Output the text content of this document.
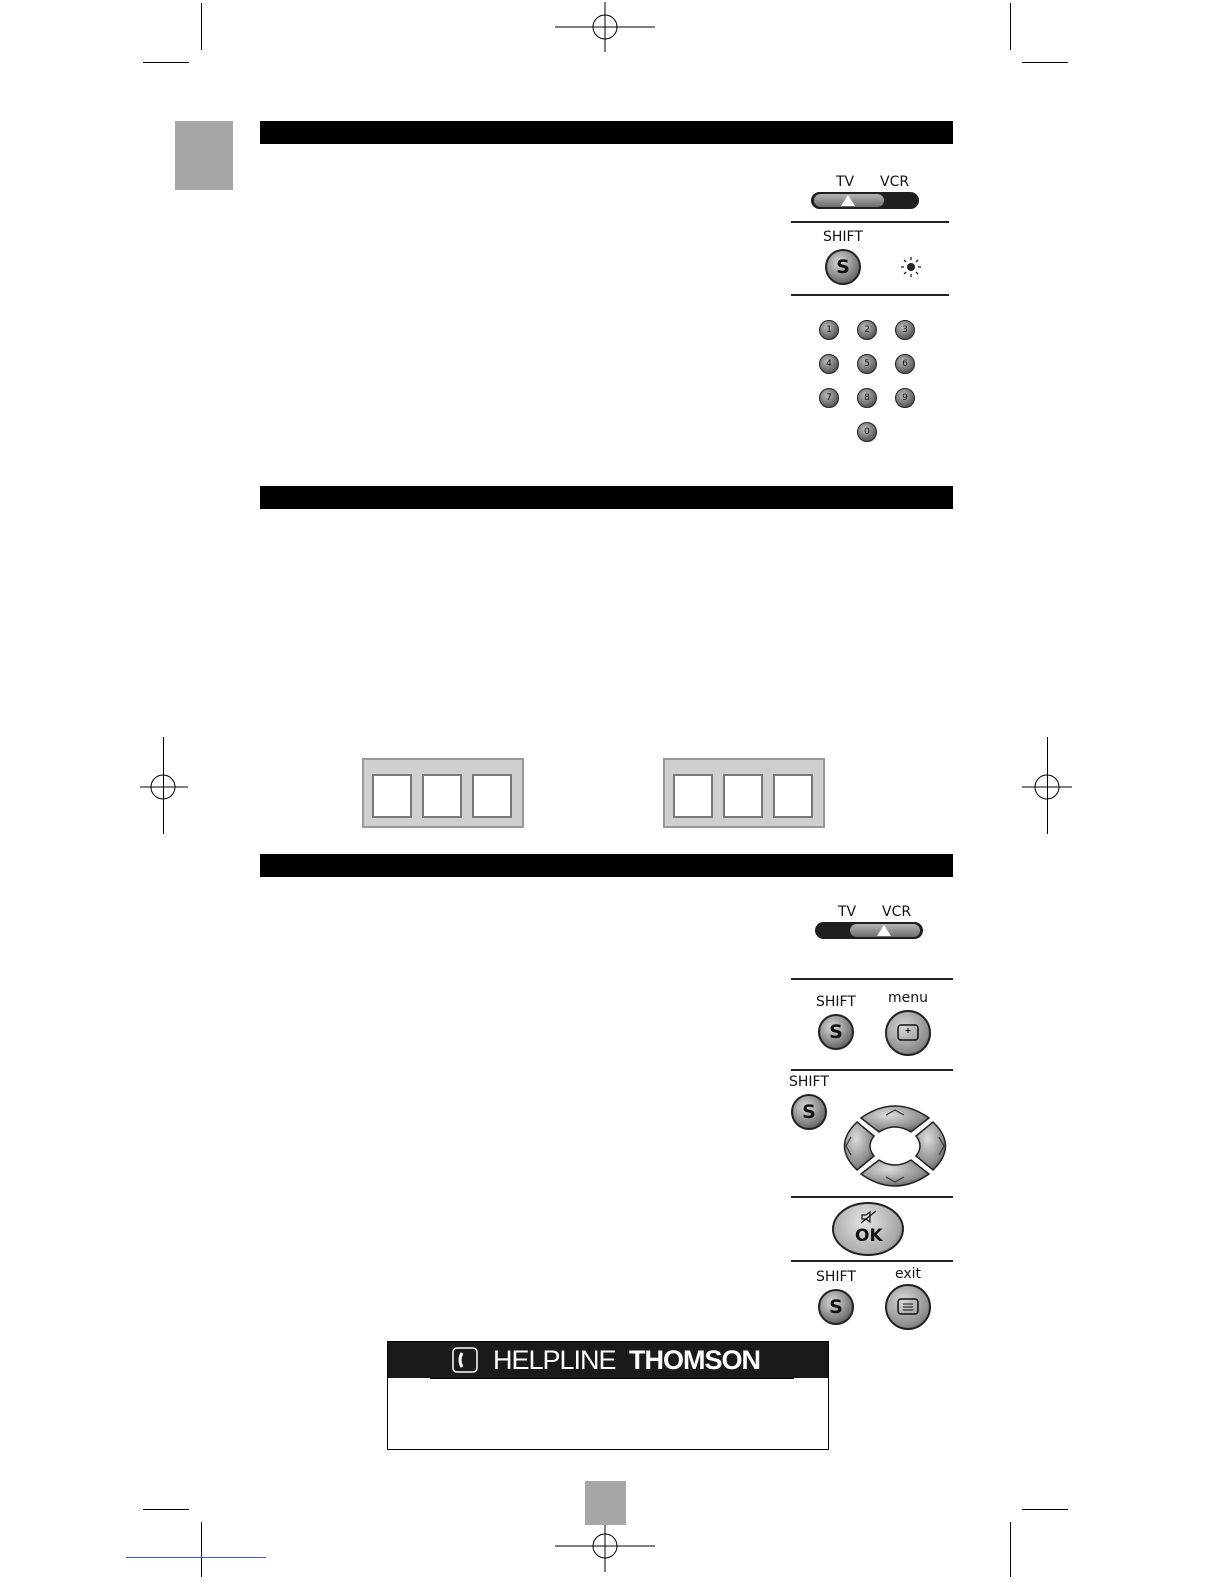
TV VCR
SHIFT
S
1	2	3
4	5	6
7	8	9
0
TV VCR
SHIFT
S
menu
SHIFT
S
OK
SHIFT
S
exit
HELPLINE THOMSON
